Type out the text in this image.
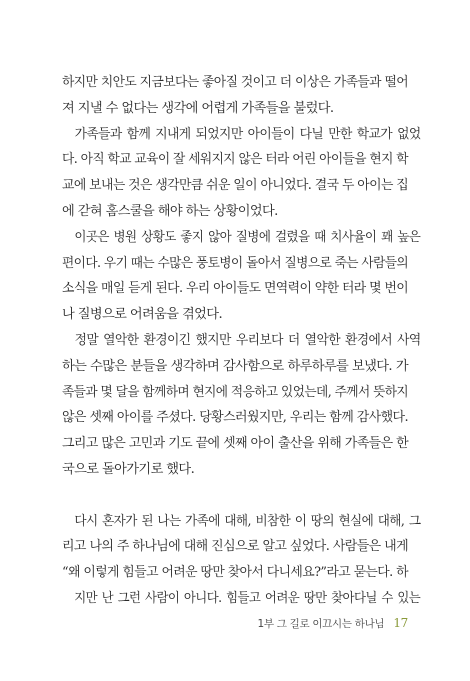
하지만 치안도 지금보다는 좋아질 것이고 더 이상은 가족들과 떨어
져 지낼 수 없다는 생각에 어렵게 가족들을 불렀다.
가족들과 함께 지내게 되었지만 아이들이 다닐 만한 학교가 없었
다. 아직 학교 교육이 잘 세워지지 않은 터라 어린 아이들을 현지 학
교에 보내는 것은 생각만큼 쉬운 일이 아니었다. 결국 두 아이는 집
에 갇혀 홈스쿨을 해야 하는 상황이었다.
이곳은 병원 상황도 좋지 않아 질병에 걸렸을 때 치사율이 꽤 높은
편이다. 우기 때는 수많은 풍토병이 돌아서 질병으로 죽는 사람들의
소식을 매일 듣게 된다. 우리 아이들도 면역력이 약한 터라 몇 번이
나 질병으로 어려움을 겪었다.
정말 열악한 환경이긴 했지만 우리보다 더 열악한 환경에서 사역
하는 수많은 분들을 생각하며 감사함으로 하루하루를 보냈다. 가
족들과 몇 달을 함께하며 현지에 적응하고 있었는데, 주께서 뜻하지
않은 셋째 아이를 주셨다. 당황스러웠지만, 우리는 함께 감사했다.
그리고 많은 고민과 기도 끝에 셋째 아이 출산을 위해 가족들은 한
국으로 돌아가기로 했다.
다시 혼자가 된 나는 가족에 대해, 비참한 이 땅의 현실에 대해, 그
리고 나의 주 하나님에 대해 진심으로 알고 싶었다. 사람들은 내게
“왜 이렇게 힘들고 어려운 땅만 찾아서 다니세요?”라고 묻는다. 하
지만 난 그런 사람이 아니다. 힘들고 어려운 땅만 찾아다닐 수 있는
1부 그 길로 이끄시는 하나님 17
